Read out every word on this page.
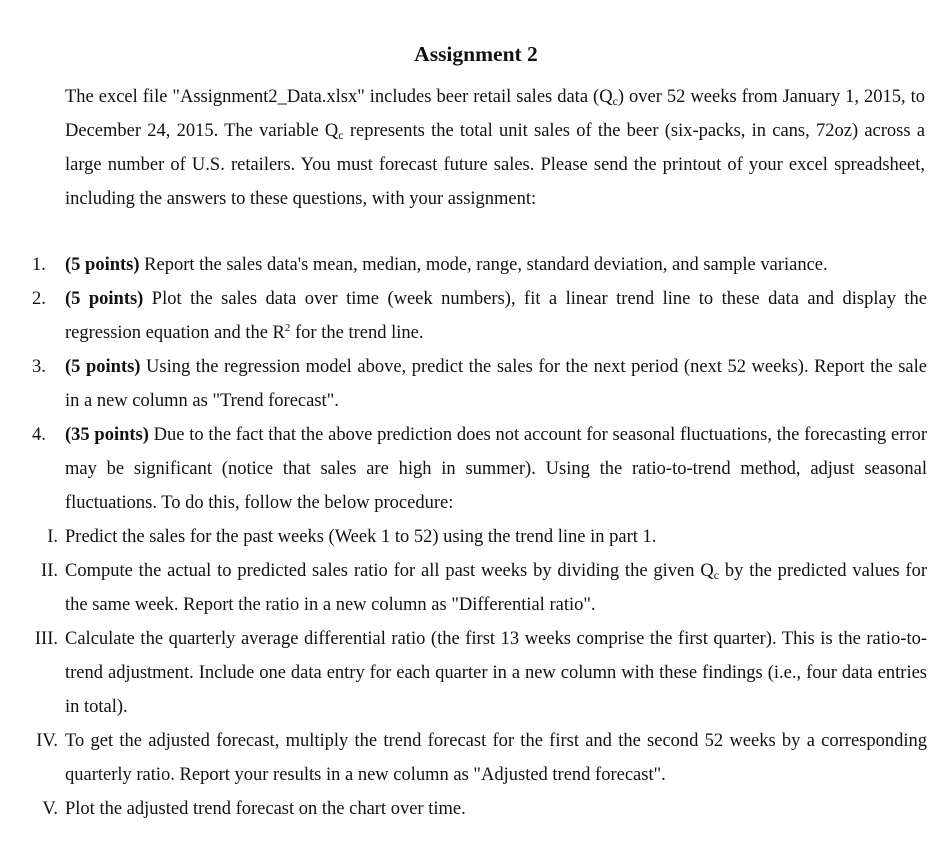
Assignment 2

The excel file "Assignment2_Data.xlsx" includes beer retail sales data $(Q_c)$ over 52 weeks from January 1, 2015, to December 24, 2015. The variable $Q_c$ represents the total unit sales of the beer (six-packs, in cans, 72oz) across a large number of U.S. retailers. You must forecast future sales. Please send the printout of your excel spreadsheet, including the answers to these questions, with your assignment:

1. (5 points) Report the sales data's mean, median, mode, range, standard deviation, and sample variance.
2. (5 points) Plot the sales data over time (week numbers), fit a linear trend line to these data and display the regression equation and the $R^2$ for the trend line.
3. (5 points) Using the regression model above, predict the sales for the next period (next 52 weeks). Report the sale in a new column as "Trend forecast".
4. (35 points) Due to the fact that the above prediction does not account for seasonal fluctuations, the forecasting error may be significant (notice that sales are high in summer). Using the ratio-to-trend method, adjust seasonal fluctuations. To do this, follow the below procedure:
I. Predict the sales for the past weeks (Week 1 to 52) using the trend line in part 1.
II. Compute the actual to predicted sales ratio for all past weeks by dividing the given $Q_c$ by the predicted values for the same week. Report the ratio in a new column as "Differential ratio".
III. Calculate the quarterly average differential ratio (the first 13 weeks comprise the first quarter). This is the ratio-to-trend adjustment. Include one data entry for each quarter in a new column with these findings (i.e., four data entries in total).
IV. To get the adjusted forecast, multiply the trend forecast for the first and the second 52 weeks by a corresponding quarterly ratio. Report your results in a new column as "Adjusted trend forecast".
V. Plot the adjusted trend forecast on the chart over time.
